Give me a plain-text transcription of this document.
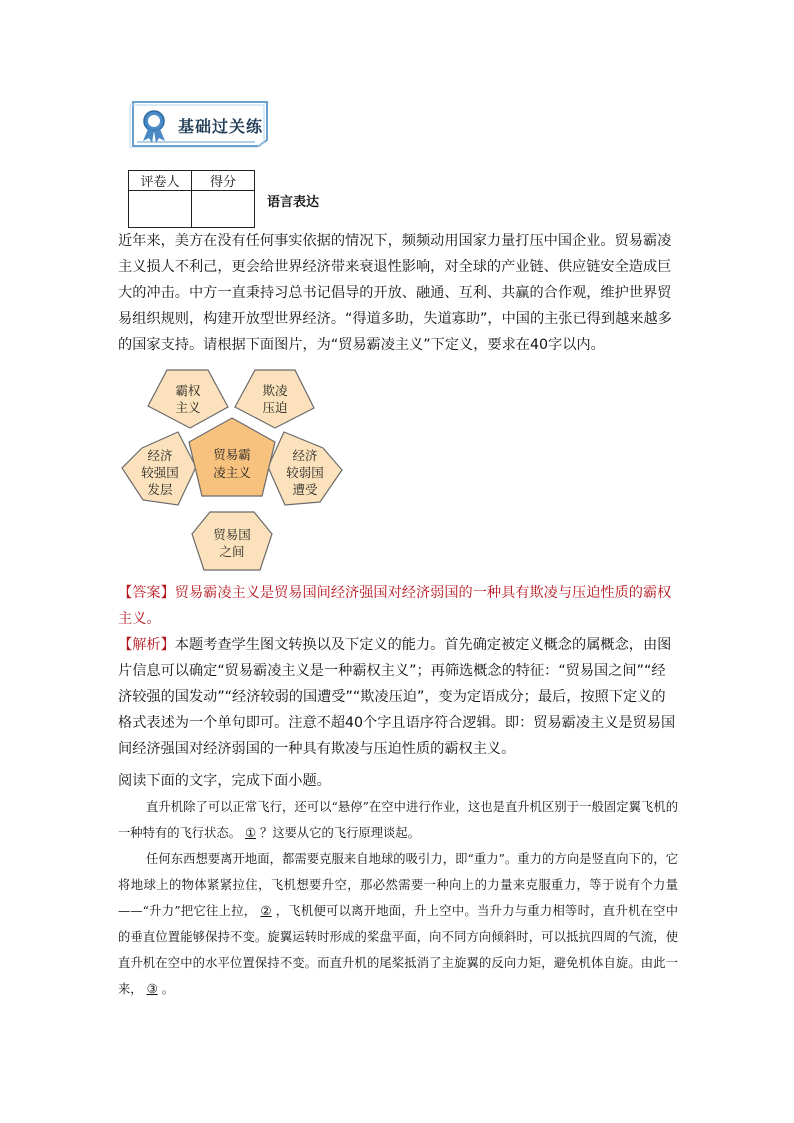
基础过关练
评卷人	得分

语言表达

近年来，美方在没有任何事实依据的情况下，频频动用国家力量打压中国企业。贸易霸凌主义损人不利己，更会给世界经济带来衰退性影响，对全球的产业链、供应链安全造成巨大的冲击。中方一直秉持习总书记倡导的开放、融通、互利、共赢的合作观，维护世界贸易组织规则，构建开放型世界经济。“得道多助，失道寡助”，中国的主张已得到越来越多的国家支持。请根据下面图片，为“贸易霸凌主义”下定义，要求在40字以内。

霸权
主义
欺凌
压迫
经济
较强国
发层
经济
较弱国
遭受
贸易国
之间
贸易霸
凌主义

【答案】贸易霸凌主义是贸易国间经济强国对经济弱国的一种具有欺凌与压迫性质的霸权主义。

【解析】本题考查学生图文转换以及下定义的能力。首先确定被定义概念的属概念，由图片信息可以确定“贸易霸凌主义是一种霸权主义”；再筛选概念的特征：“贸易国之间”“经济较强的国发动”“经济较弱的国遭受”“欺凌压迫”，变为定语成分；最后，按照下定义的格式表述为一个单句即可。注意不超40个字且语序符合逻辑。即：贸易霸凌主义是贸易国间经济强国对经济弱国的一种具有欺凌与压迫性质的霸权主义。

阅读下面的文字，完成下面小题。

直升机除了可以正常飞行，还可以“悬停”在空中进行作业，这也是直升机区别于一般固定翼飞机的一种特有的飞行状态。 ① ？这要从它的飞行原理谈起。

任何东西想要离开地面，都需要克服来自地球的吸引力，即“重力”。重力的方向是竖直向下的，它将地球上的物体紧紧拉住，飞机想要升空，那必然需要一种向上的力量来克服重力，等于说有个力量——“升力”把它往上拉， ② ，飞机便可以离开地面，升上空中。当升力与重力相等时，直升机在空中的垂直位置能够保持不变。旋翼运转时形成的桨盘平面，向不同方向倾斜时，可以抵抗四周的气流，使直升机在空中的水平位置保持不变。而直升机的尾桨抵消了主旋翼的反向力矩，避免机体自旋。由此一来， ③ 。
